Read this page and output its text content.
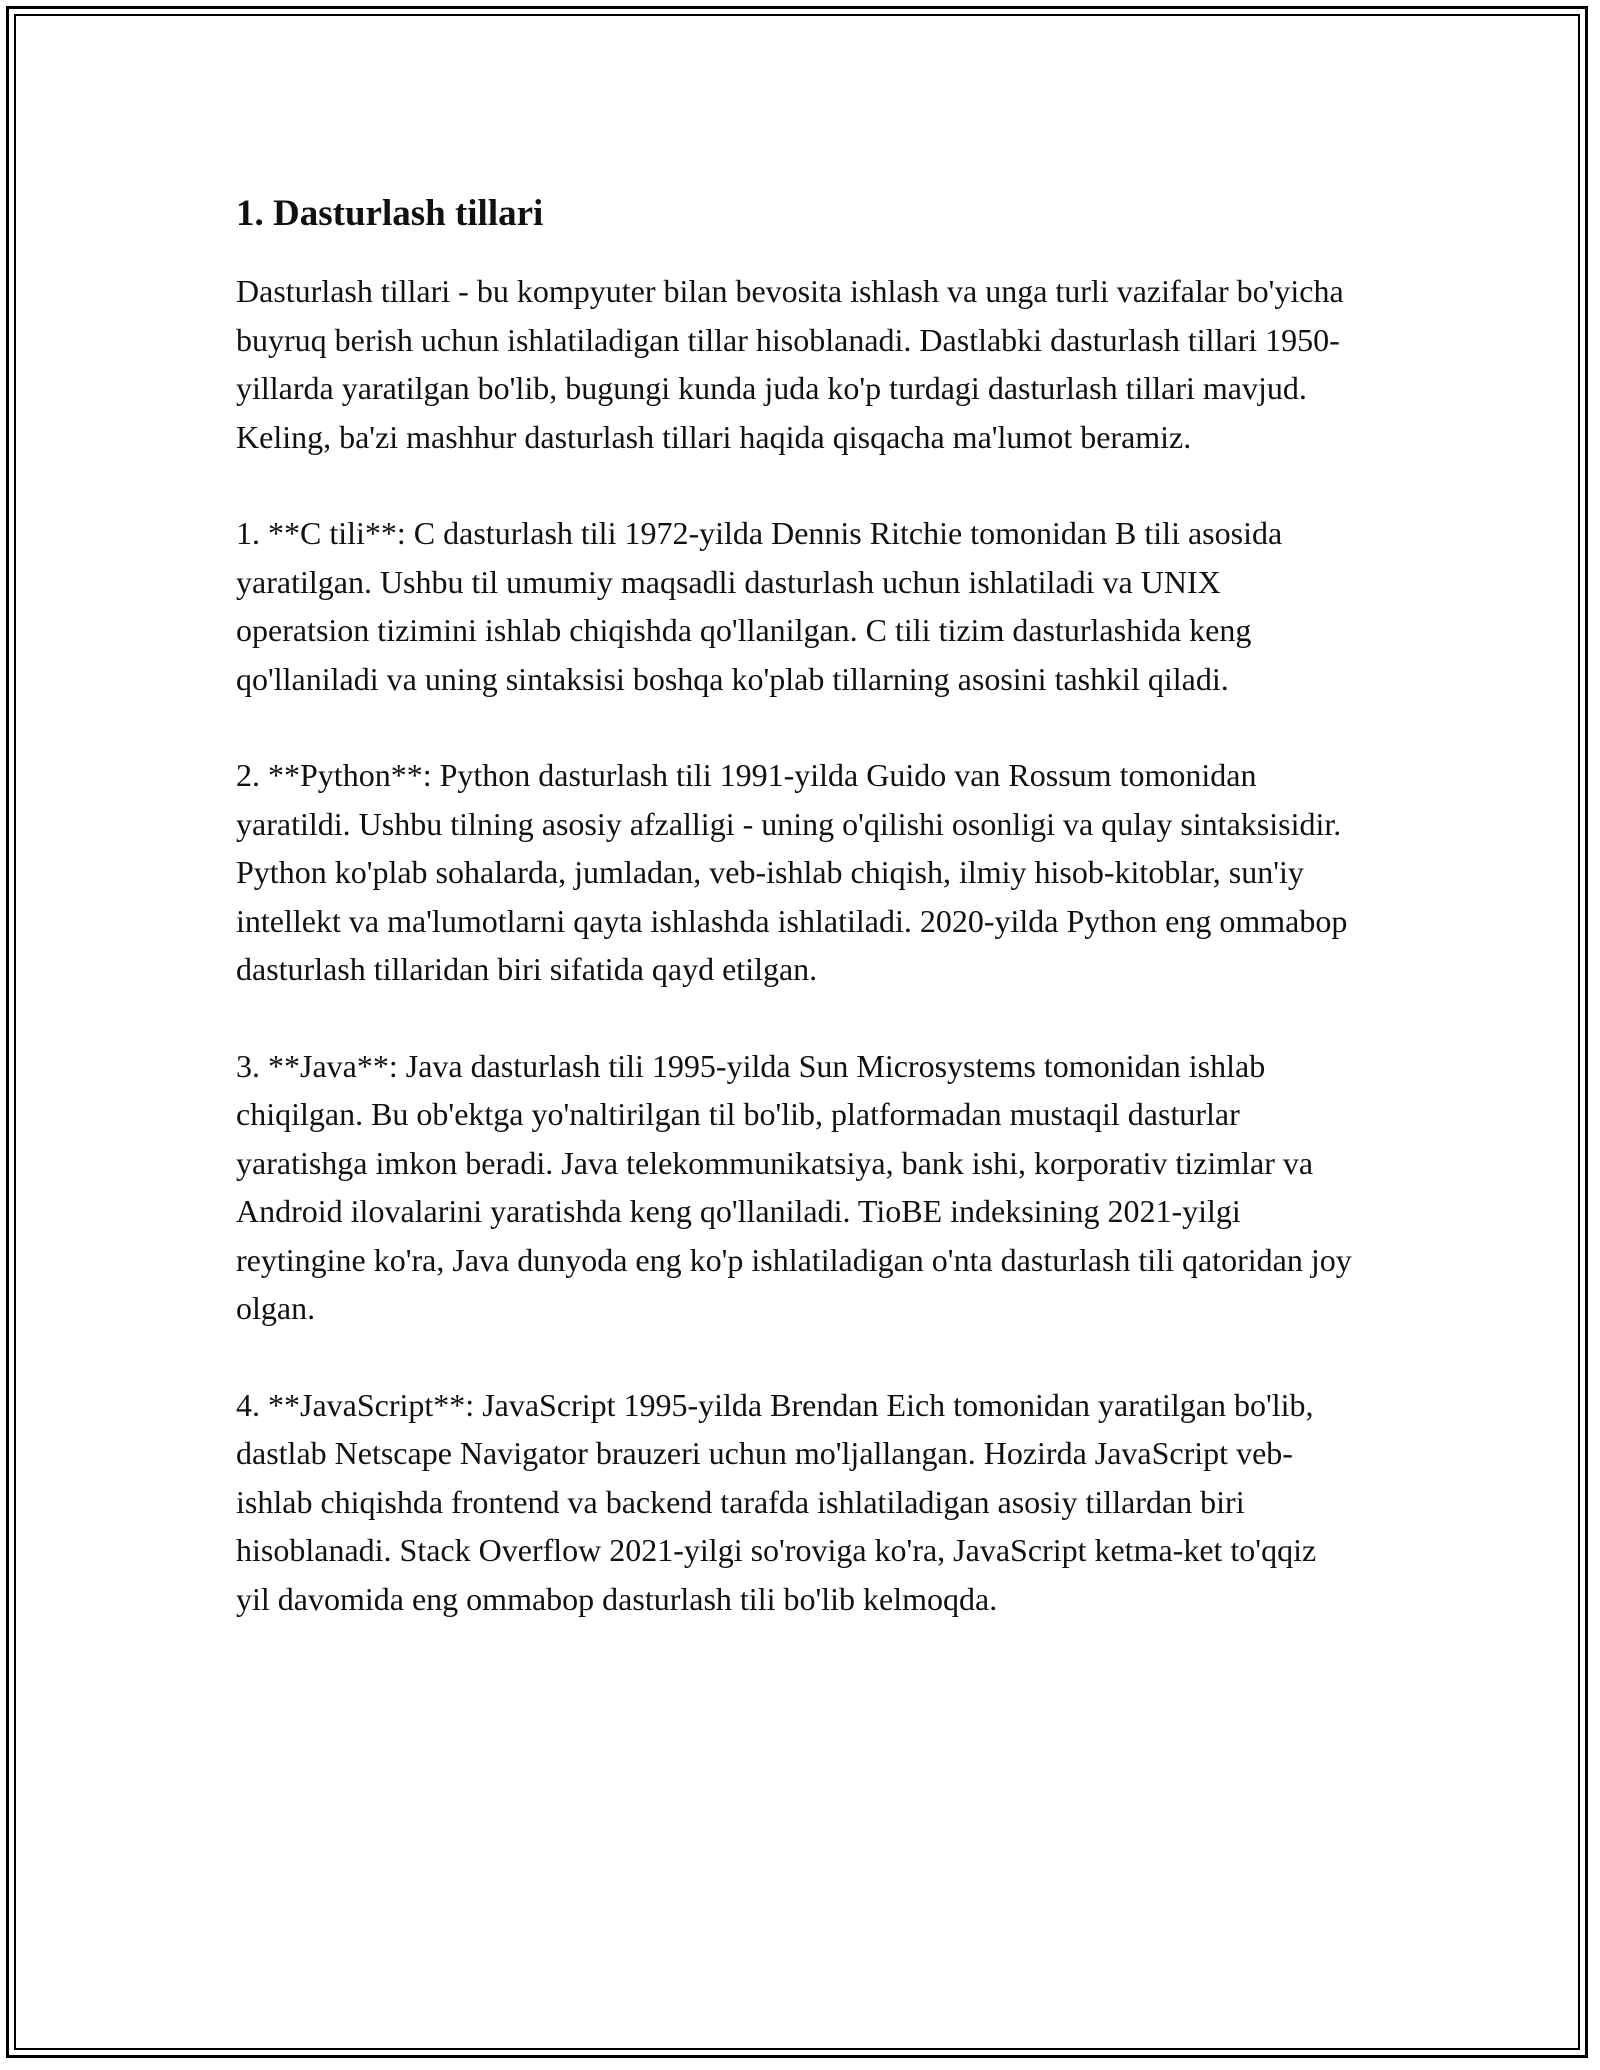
1. Dasturlash tillari

Dasturlash tillari - bu kompyuter bilan bevosita ishlash va unga turli vazifalar bo'yicha buyruq berish uchun ishlatiladigan tillar hisoblanadi. Dastlabki dasturlash tillari 1950-yillarda yaratilgan bo'lib, bugungi kunda juda ko'p turdagi dasturlash tillari mavjud. Keling, ba'zi mashhur dasturlash tillari haqida qisqacha ma'lumot beramiz.

1. **C tili**: C dasturlash tili 1972-yilda Dennis Ritchie tomonidan B tili asosida yaratilgan. Ushbu til umumiy maqsadli dasturlash uchun ishlatiladi va UNIX operatsion tizimini ishlab chiqishda qo'llanilgan. C tili tizim dasturlashida keng qo'llaniladi va uning sintaksisi boshqa ko'plab tillarning asosini tashkil qiladi.

2. **Python**: Python dasturlash tili 1991-yilda Guido van Rossum tomonidan yaratildi. Ushbu tilning asosiy afzalligi - uning o'qilishi osonligi va qulay sintaksisidir. Python ko'plab sohalarda, jumladan, veb-ishlab chiqish, ilmiy hisob-kitoblar, sun'iy intellekt va ma'lumotlarni qayta ishlashda ishlatiladi. 2020-yilda Python eng ommabop dasturlash tillaridan biri sifatida qayd etilgan.

3. **Java**: Java dasturlash tili 1995-yilda Sun Microsystems tomonidan ishlab chiqilgan. Bu ob'ektga yo'naltirilgan til bo'lib, platformadan mustaqil dasturlar yaratishga imkon beradi. Java telekommunikatsiya, bank ishi, korporativ tizimlar va Android ilovalarini yaratishda keng qo'llaniladi. TioBE indeksining 2021-yilgi reytingine ko'ra, Java dunyoda eng ko'p ishlatiladigan o'nta dasturlash tili qatoridan joy olgan.

4. **JavaScript**: JavaScript 1995-yilda Brendan Eich tomonidan yaratilgan bo'lib, dastlab Netscape Navigator brauzeri uchun mo'ljallangan. Hozirda JavaScript veb-ishlab chiqishda frontend va backend tarafda ishlatiladigan asosiy tillardan biri hisoblanadi. Stack Overflow 2021-yilgi so'roviga ko'ra, JavaScript ketma-ket to'qqiz yil davomida eng ommabop dasturlash tili bo'lib kelmoqda.
